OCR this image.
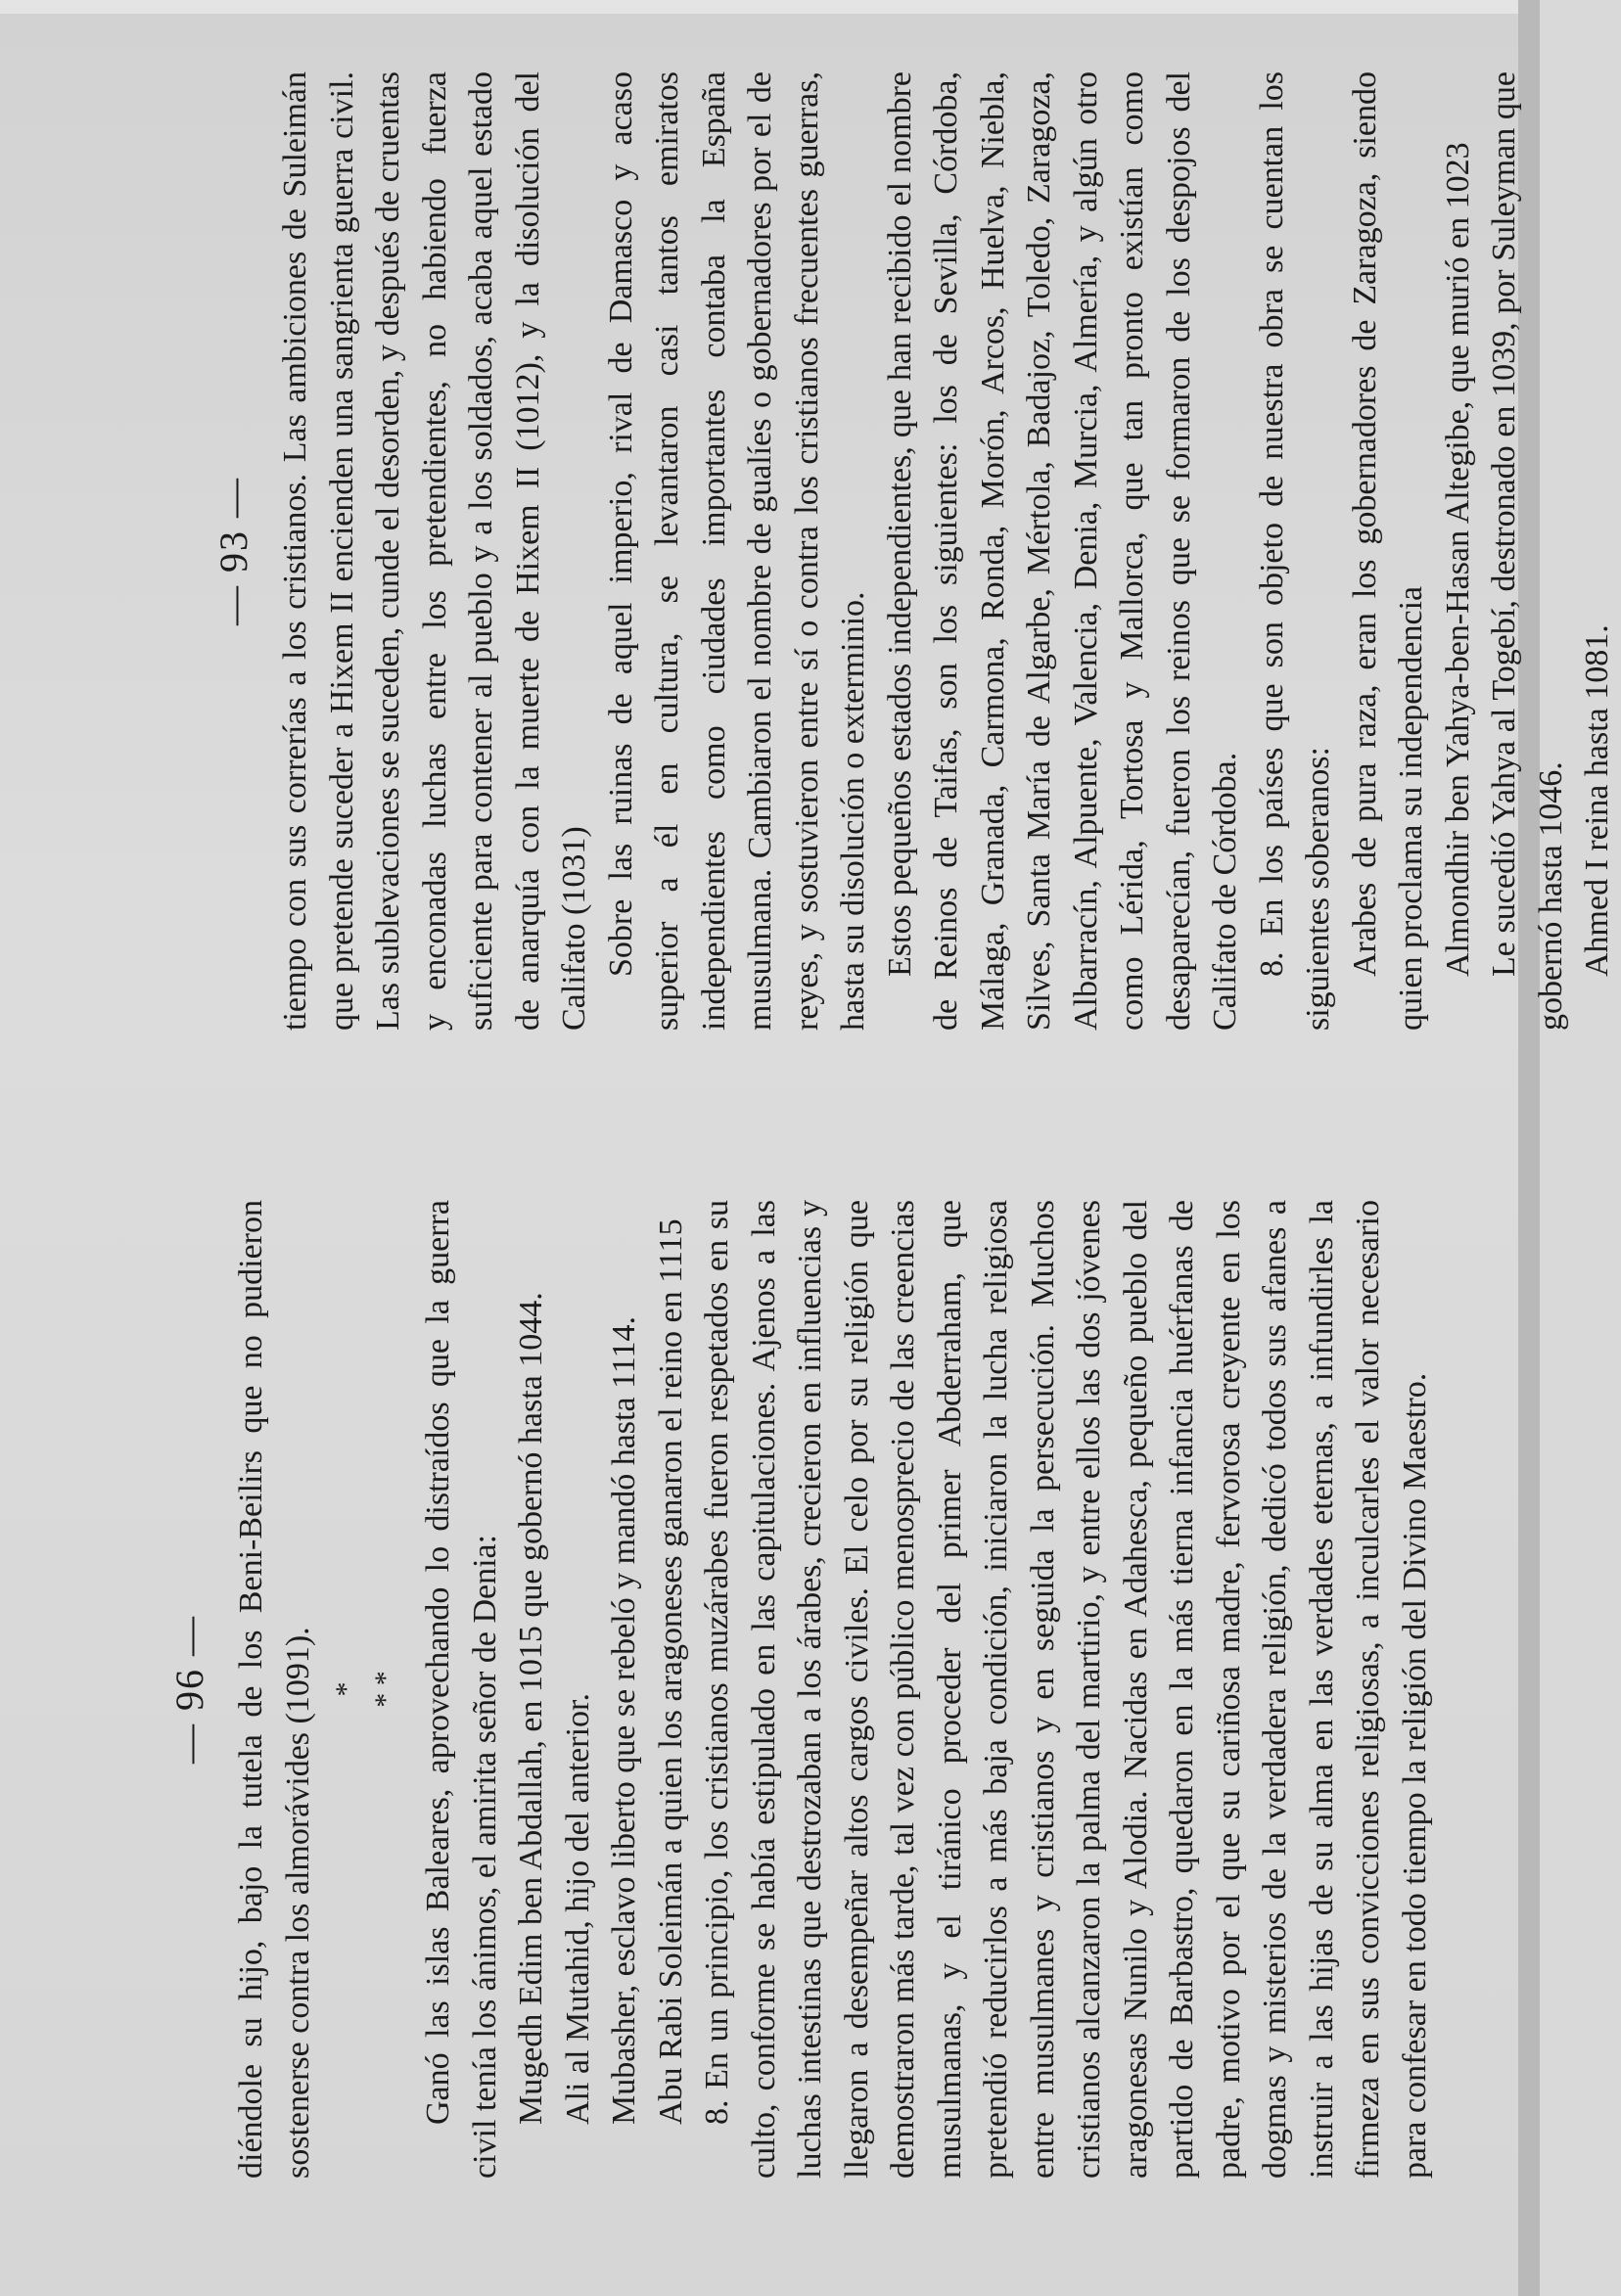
— 96 — diéndole su hijo, bajo la tutela de los Beni-Beilirs que no pudieron sostenerse contra los almorávides (1091). * * * Ganó las islas Baleares, aprovechando lo distraídos que la guerra civil tenía los ánimos, el amirita señor de Denia: Mugedh Edim ben Abdallah, en 1015 que gobernó hasta 1044. Ali al Mutahid, hijo del anterior. Mubasher, esclavo liberto que se rebeló y mandó hasta 1114. Abu Rabi Soleimán a quien los aragoneses ganaron el reino en 1115 8. En un principio, los cristianos muzárabes fueron respetados en su culto, conforme se había estipulado en las capitulaciones. Ajenos a las luchas intestinas que destrozaban a los árabes, crecieron en influencias y llegaron a desempeñar altos cargos civiles. El celo por su religión que demostraron más tarde, tal vez con público menosprecio de las creencias musulmanas, y el tiránico proceder del primer Abderraham, que pretendió reducirlos a más baja condición, iniciaron la lucha religiosa entre musulmanes y cristianos y en seguida la persecución. Muchos cristianos alcanzaron la palma del martirio, y entre ellos las dos jóvenes aragonesas Nunilo y Alodia. Nacidas en Adahesca, pequeño pueblo del partido de Barbastro, quedaron en la más tierna infancia huérfanas de padre, motivo por el que su cariñosa madre, fervorosa creyente en los dogmas y misterios de la verdadera religión, dedicó todos sus afanes a instruir a las hijas de su alma en las verdades eternas, a infundirles la firmeza en sus convicciones religiosas, a inculcarles el valor necesario para confesar en todo tiempo la religión del Divino Maestro.

— 93 — tiempo con sus correrías a los cristianos. Las ambiciones de Suleimán que pretende suceder a Hixem II encienden una sangrienta guerra civil. Las sublevaciones se suceden, cunde el desorden, y después de cruentas y enconadas luchas entre los pretendientes, no habiendo fuerza suficiente para contener al pueblo y a los soldados, acaba aquel estado de anarquía con la muerte de Hixem II (1012), y la disolución del Califato (1031) Sobre las ruinas de aquel imperio, rival de Damasco y acaso superior a él en cultura, se levantaron casi tantos emiratos independientes como ciudades importantes contaba la España musulmana. Cambiaron el nombre de gualíes o gobernadores por el de reyes, y sostuvieron entre sí o contra los cristianos frecuentes guerras, hasta su disolución o exterminio. Estos pequeños estados independientes, que han recibido el nombre de Reinos de Taifas, son los siguientes: los de Sevilla, Córdoba, Málaga, Granada, Carmona, Ronda, Morón, Arcos, Huelva, Niebla, Silves, Santa María de Algarbe, Mértola, Badajoz, Toledo, Zaragoza, Albarracín, Alpuente, Valencia, Denia, Murcia, Almería, y algún otro como Lérida, Tortosa y Mallorca, que tan pronto existían como desaparecían, fueron los reinos que se formaron de los despojos del Califato de Córdoba. 8. En los países que son objeto de nuestra obra se cuentan los siguientes soberanos: Arabes de pura raza, eran los gobernadores de Zaragoza, siendo quien proclama su independencia Almondhir ben Yahya-ben-Hasan Altegibe, que murió en 1023 Le sucedió Yahya al Togebí, destronado en 1039, por Suleyman que gobernó hasta 1046. Ahmed I reina hasta 1081.
